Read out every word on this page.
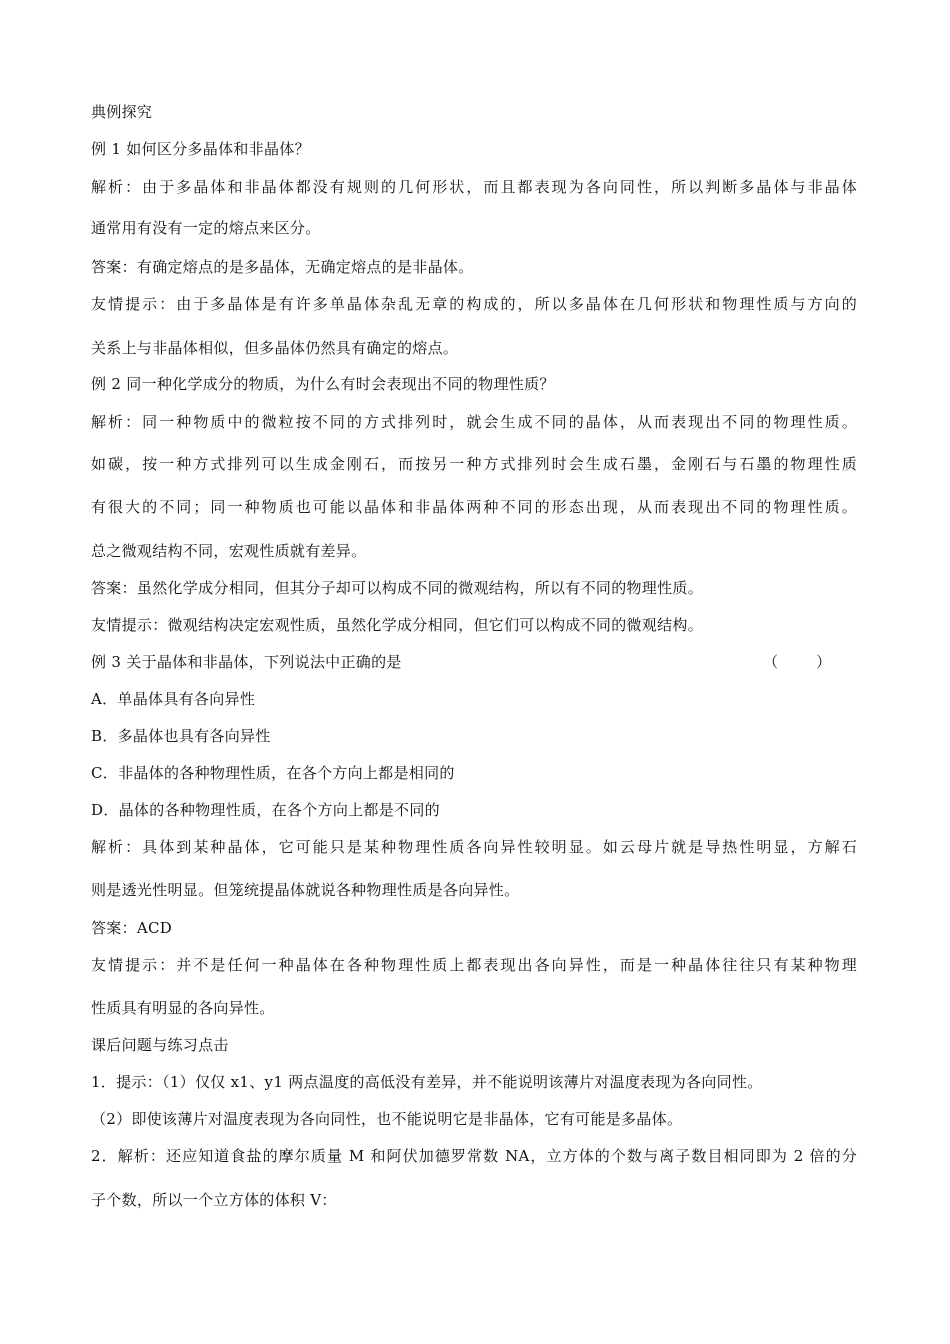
典例探究
例 1 如何区分多晶体和非晶体？
解析：由于多晶体和非晶体都没有规则的几何形状，而且都表现为各向同性，所以判断多晶体与非晶体
通常用有没有一定的熔点来区分。
答案：有确定熔点的是多晶体，无确定熔点的是非晶体。
友情提示：由于多晶体是有许多单晶体杂乱无章的构成的，所以多晶体在几何形状和物理性质与方向的
关系上与非晶体相似，但多晶体仍然具有确定的熔点。
例 2 同一种化学成分的物质，为什么有时会表现出不同的物理性质？
解析：同一种物质中的微粒按不同的方式排列时，就会生成不同的晶体，从而表现出不同的物理性质。
如碳，按一种方式排列可以生成金刚石，而按另一种方式排列时会生成石墨，金刚石与石墨的物理性质
有很大的不同；同一种物质也可能以晶体和非晶体两种不同的形态出现，从而表现出不同的物理性质。
总之微观结构不同，宏观性质就有差异。
答案：虽然化学成分相同，但其分子却可以构成不同的微观结构，所以有不同的物理性质。
友情提示：微观结构决定宏观性质，虽然化学成分相同，但它们可以构成不同的微观结构。
例 3 关于晶体和非晶体，下列说法中正确的是	（        ）
A．单晶体具有各向异性
B．多晶体也具有各向异性
C．非晶体的各种物理性质，在各个方向上都是相同的
D．晶体的各种物理性质，在各个方向上都是不同的
解析：具体到某种晶体，它可能只是某种物理性质各向异性较明显。如云母片就是导热性明显，方解石
则是透光性明显。但笼统提晶体就说各种物理性质是各向异性。
答案：ACD
友情提示：并不是任何一种晶体在各种物理性质上都表现出各向异性，而是一种晶体往往只有某种物理
性质具有明显的各向异性。
课后问题与练习点击
1．提示：（1）仅仅 x1、y1 两点温度的高低没有差异，并不能说明该薄片对温度表现为各向同性。
（2）即使该薄片对温度表现为各向同性，也不能说明它是非晶体，它有可能是多晶体。
2．解析：还应知道食盐的摩尔质量 M 和阿伏加德罗常数 NA，立方体的个数与离子数目相同即为 2 倍的分
子个数，所以一个立方体的体积 V：
